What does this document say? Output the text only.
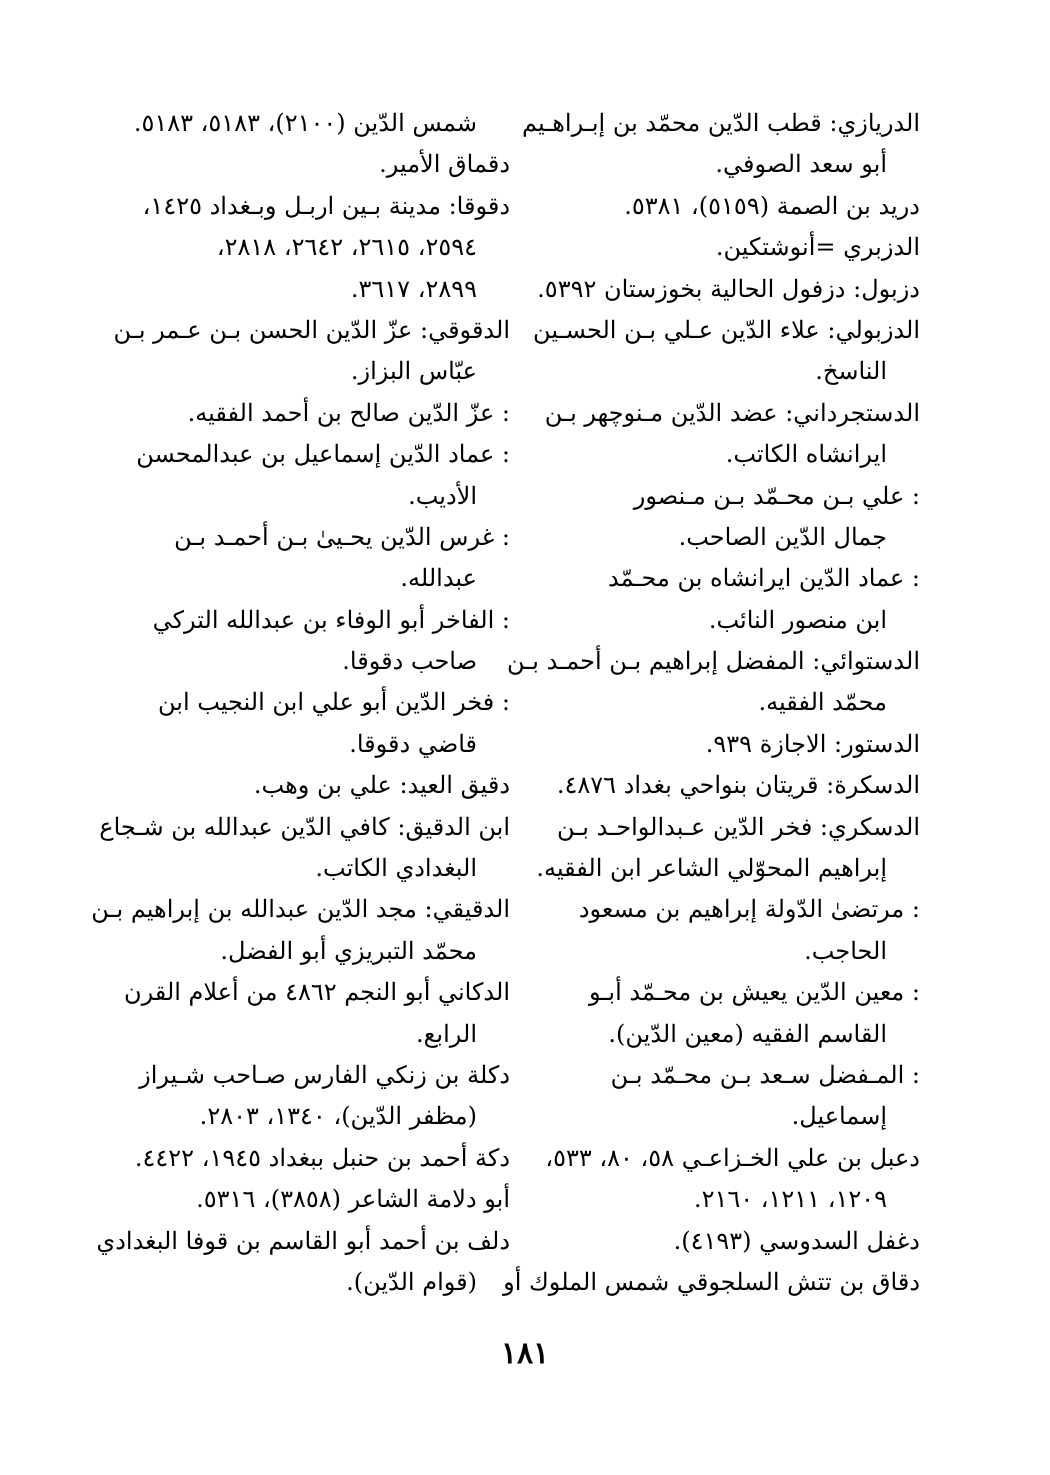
الدريازي: قطب الدّين محمّد بن إبـراهـيم
أبو سعد الصوفي.
دريد بن الصمة (٥١٥٩)، ٥٣٨١.
الدزبري =أنوشتكين.
دزبول: دزفول الحالية بخوزستان ٥٣٩٢.
الدزبولي: علاء الدّين عـلي بـن الحسـين
الناسخ.
الدستجرداني: عضد الدّين مـنوچهر بـن
ايرانشاه الكاتب.
: علي بـن محـمّد بـن مـنصور
جمال الدّين الصاحب.
: عماد الدّين ايرانشاه بن محـمّد
ابن منصور النائب.
الدستوائي: المفضل إبراهيم بـن أحمـد بـن
محمّد الفقيه.
الدستور: الاجازة ٩٣٩.
الدسكرة: قريتان بنواحي بغداد ٤٨٧٦.
الدسكري: فخر الدّين عـبدالواحـد بـن
إبراهيم المحوّلي الشاعر ابن الفقيه.
: مرتضىٰ الدّولة إبراهيم بن مسعود
الحاجب.
: معين الدّين يعيش بن محـمّد أبـو
القاسم الفقيه (معين الدّين).
: المـفضل سـعد بـن محـمّد بـن
إسماعيل.
دعبل بن علي الخـزاعـي ٥٨، ٨٠، ٥٣٣،
١٢٠٩، ١٢١١، ٢١٦٠.
دغفل السدوسي (٤١٩٣).
دقاق بن تتش السلجوقي شمس الملوك أو
شمس الدّين (٢١٠٠)، ٥١٨٣، ٥١٨٣.
دقماق الأمير.
دقوقا: مدينة بـين اربـل وبـغداد ١٤٢٥،
٢٥٩٤، ٢٦١٥، ٢٦٤٢، ٢٨١٨،
٢٨٩٩، ٣٦١٧.
الدقوقي: عزّ الدّين الحسن بـن عـمر بـن
عبّاس البزاز.
: عزّ الدّين صالح بن أحمد الفقيه.
: عماد الدّين إسماعيل بن عبدالمحسن
الأديب.
: غرس الدّين يحـيىٰ بـن أحمـد بـن
عبدالله.
: الفاخر أبو الوفاء بن عبدالله التركي
صاحب دقوقا.
: فخر الدّين أبو علي ابن النجيب ابن
قاضي دقوقا.
دقيق العيد: علي بن وهب.
ابن الدقيق: كافي الدّين عبدالله بن شـجاع
البغدادي الكاتب.
الدقيقي: مجد الدّين عبدالله بن إبراهيم بـن
محمّد التبريزي أبو الفضل.
الدكاني أبو النجم ٤٨٦٢ من أعلام القرن
الرابع.
دكلة بن زنكي الفارس صـاحب شـيراز
(مظفر الدّين)، ١٣٤٠، ٢٨٠٣.
دكة أحمد بن حنبل ببغداد ١٩٤٥، ٤٤٢٢.
أبو دلامة الشاعر (٣٨٥٨)، ٥٣١٦.
دلف بن أحمد أبو القاسم بن قوفا البغدادي
(قوام الدّين).
١٨١
